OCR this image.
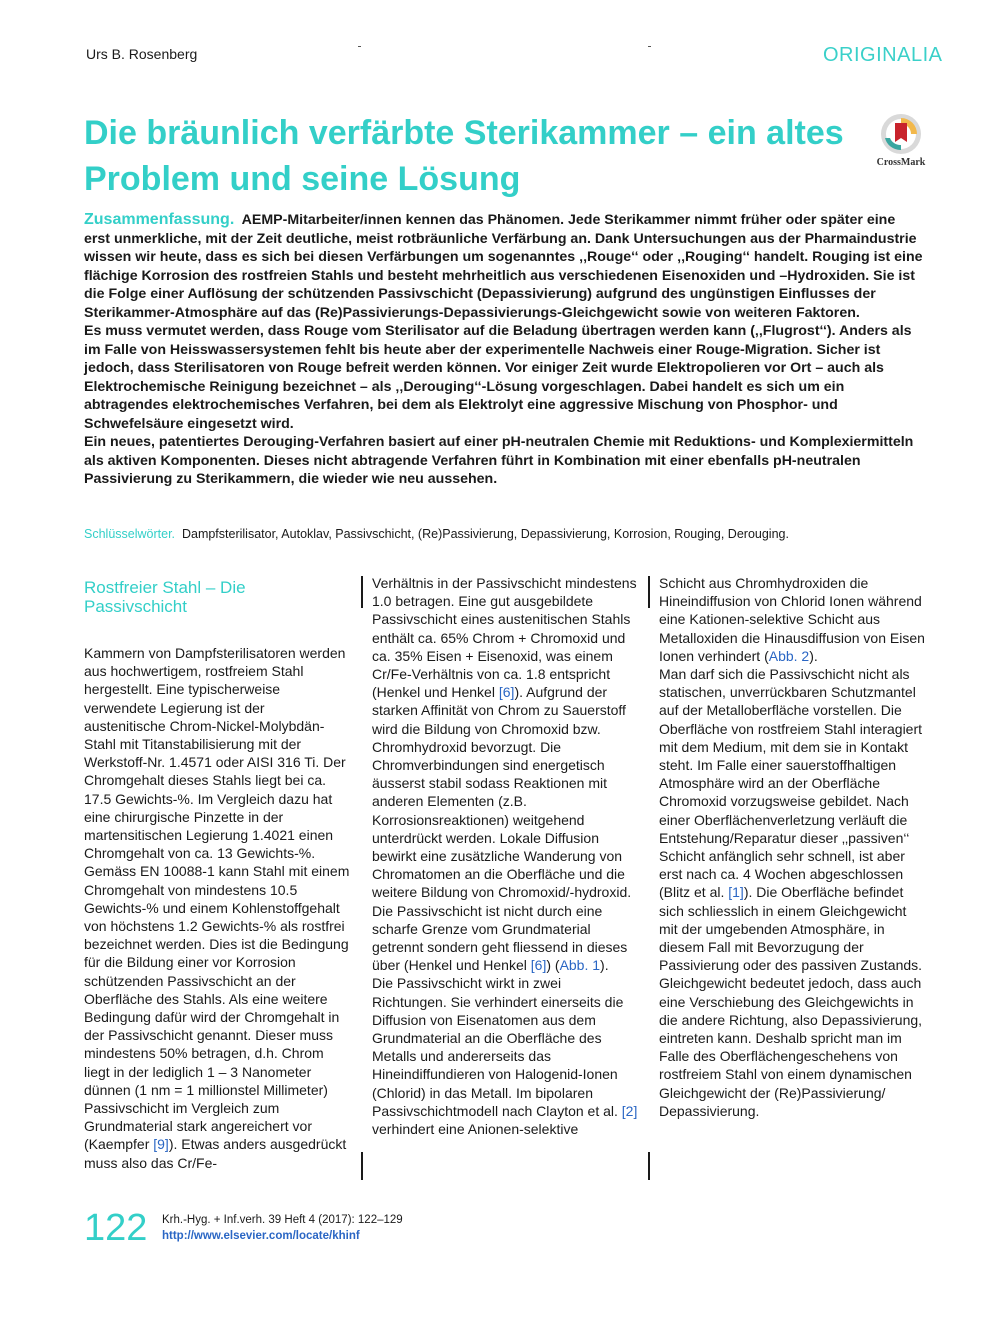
Urs B. Rosenberg	ORIGINALIA
Die bräunlich verfärbte Sterikammer – ein altes Problem und seine Lösung	CrossMark

Zusammenfassung. AEMP-Mitarbeiter/innen kennen das Phänomen. Jede Sterikammer nimmt früher oder später eine erst unmerkliche, mit der Zeit deutliche, meist rotbräunliche Verfärbung an. Dank Untersuchungen aus der Pharmaindustrie wissen wir heute, dass es sich bei diesen Verfärbungen um sogenanntes ‚‚Rouge‘‘ oder ‚‚Rouging‘‘ handelt. Rouging ist eine flächige Korrosion des rostfreien Stahls und besteht mehrheitlich aus verschiedenen Eisenoxiden und –Hydroxiden. Sie ist die Folge einer Auflösung der schützenden Passivschicht (Depassivierung) aufgrund des ungünstigen Einflusses der Sterikammer-Atmosphäre auf das (Re)Passivierungs-Depassivierungs-Gleichgewicht sowie von weiteren Faktoren.

Es muss vermutet werden, dass Rouge vom Sterilisator auf die Beladung übertragen werden kann (‚‚Flugrost‘‘). Anders als im Falle von Heisswassersystemen fehlt bis heute aber der experimentelle Nachweis einer Rouge-Migration. Sicher ist jedoch, dass Sterilisatoren von Rouge befreit werden können. Vor einiger Zeit wurde Elektropolieren vor Ort – auch als Elektrochemische Reinigung bezeichnet – als ‚‚Derouging‘‘-Lösung vorgeschlagen. Dabei handelt es sich um ein abtragendes elektrochemisches Verfahren, bei dem als Elektrolyt eine aggressive Mischung von Phosphor- und Schwefelsäure eingesetzt wird.

Ein neues, patentiertes Derouging-Verfahren basiert auf einer pH-neutralen Chemie mit Reduktions- und Komplexiermitteln als aktiven Komponenten. Dieses nicht abtragende Verfahren führt in Kombination mit einer ebenfalls pH-neutralen Passivierung zu Sterikammern, die wieder wie neu aussehen.

Schlüsselwörter. Dampfsterilisator, Autoklav, Passivschicht, (Re)Passivierung, Depassivierung, Korrosion, Rouging, Derouging.

Rostfreier Stahl – Die Passivschicht

Kammern von Dampfsterilisatoren werden aus hochwertigem, rostfreiem Stahl hergestellt. Eine typischerweise verwendete Legierung ist der austenitische Chrom-Nickel-Molybdän-Stahl mit Titanstabilisierung mit der Werkstoff-Nr. 1.4571 oder AISI 316 Ti. Der Chromgehalt dieses Stahls liegt bei ca. 17.5 Gewichts-%. Im Vergleich dazu hat eine chirurgische Pinzette in der martensitischen Legierung 1.4021 einen Chromgehalt von ca. 13 Gewichts-%. Gemäss EN 10088-1 kann Stahl mit einem Chromgehalt von mindestens 10.5 Gewichts-% und einem Kohlenstoffgehalt von höchstens 1.2 Gewichts-% als rostfrei bezeichnet werden. Dies ist die Bedingung für die Bildung einer vor Korrosion schützenden Passivschicht an der Oberfläche des Stahls. Als eine weitere Bedingung dafür wird der Chromgehalt in der Passivschicht genannt. Dieser muss mindestens 50% betragen, d.h. Chrom liegt in der lediglich 1 – 3 Nanometer dünnen (1 nm = 1 millionstel Millimeter) Passivschicht im Vergleich zum Grundmaterial stark angereichert vor (Kaempfer [9]). Etwas anders ausgedrückt muss also das Cr/Fe-

Verhältnis in der Passivschicht mindestens 1.0 betragen. Eine gut ausgebildete Passivschicht eines austenitischen Stahls enthält ca. 65% Chrom + Chromoxid und ca. 35% Eisen + Eisenoxid, was einem Cr/Fe-Verhältnis von ca. 1.8 entspricht (Henkel und Henkel [6]). Aufgrund der starken Affinität von Chrom zu Sauerstoff wird die Bildung von Chromoxid bzw. Chromhydroxid bevorzugt. Die Chromverbindungen sind energetisch äusserst stabil sodass Reaktionen mit anderen Elementen (z.B. Korrosionsreaktionen) weitgehend unterdrückt werden. Lokale Diffusion bewirkt eine zusätzliche Wanderung von Chromatomen an die Oberfläche und die weitere Bildung von Chromoxid/-hydroxid. Die Passivschicht ist nicht durch eine scharfe Grenze vom Grundmaterial getrennt sondern geht fliessend in dieses über (Henkel und Henkel [6]) (Abb. 1).

Die Passivschicht wirkt in zwei Richtungen. Sie verhindert einerseits die Diffusion von Eisenatomen aus dem Grundmaterial an die Oberfläche des Metalls und andererseits das Hineindiffundieren von Halogenid-Ionen (Chlorid) in das Metall. Im bipolaren Passivschichtmodell nach Clayton et al. [2] verhindert eine Anionen-selektive

Schicht aus Chromhydroxiden die Hineindiffusion von Chlorid Ionen während eine Kationen-selektive Schicht aus Metalloxiden die Hinausdiffusion von Eisen Ionen verhindert (Abb. 2).

Man darf sich die Passivschicht nicht als statischen, unverrückbaren Schutzmantel auf der Metalloberfläche vorstellen. Die Oberfläche von rostfreiem Stahl interagiert mit dem Medium, mit dem sie in Kontakt steht. Im Falle einer sauerstoffhaltigen Atmosphäre wird an der Oberfläche Chromoxid vorzugsweise gebildet. Nach einer Oberflächenverletzung verläuft die Entstehung/Reparatur dieser ‚‚passiven‘‘ Schicht anfänglich sehr schnell, ist aber erst nach ca. 4 Wochen abgeschlossen (Blitz et al. [1]). Die Oberfläche befindet sich schliesslich in einem Gleichgewicht mit der umgebenden Atmosphäre, in diesem Fall mit Bevorzugung der Passivierung oder des passiven Zustands. Gleichgewicht bedeutet jedoch, dass auch eine Verschiebung des Gleichgewichts in die andere Richtung, also Depassivierung, eintreten kann. Deshalb spricht man im Falle des Oberflächengeschehens von rostfreiem Stahl von einem dynamischen Gleichgewicht der (Re)Passivierung/ Depassivierung.

122 Krh.-Hyg. + Inf.verh. 39 Heft 4 (2017): 122–129
http://www.elsevier.com/locate/khinf
